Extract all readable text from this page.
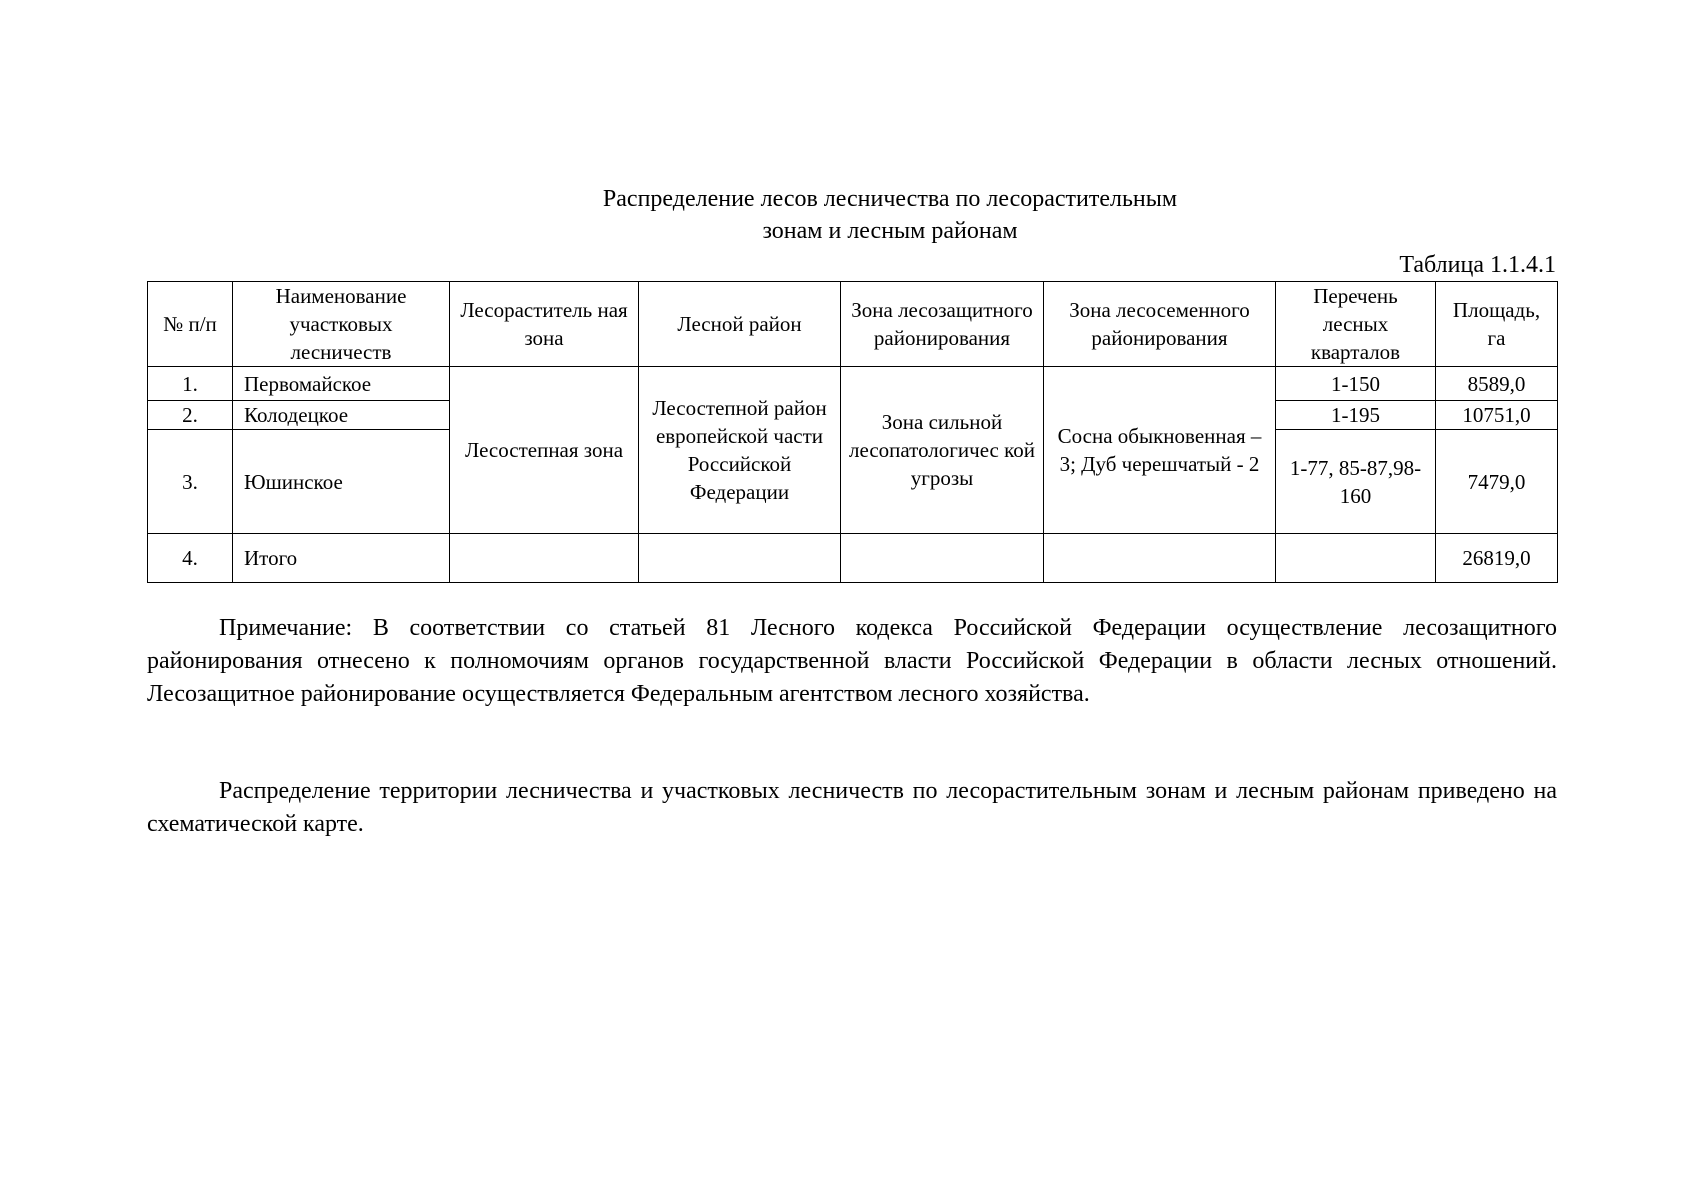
Распределение лесов лесничества по лесорастительным
зонам и лесным районам
Таблица 1.1.4.1
№ п/п	Наименование участковых лесничеств	Лесораститель ная зона	Лесной район	Зона лесозащитного районирования	Зона лесосеменного районирования	Перечень лесных кварталов	Площадь, га
1.	Первомайское	Лесостепная зона	Лесостепной район европейской части Российской Федерации	Зона сильной лесопатологичес кой угрозы	Сосна обыкновенная – 3; Дуб черешчатый - 2	1-150	8589,0
2.	Колодецкое					1-195	10751,0
3.	Юшинское					1-77, 85-87,98-160	7479,0
4.	Итого						26819,0

Примечание: В соответствии со статьей 81 Лесного кодекса Российской Федерации осуществление лесозащитного районирования отнесено к полномочиям органов государственной власти Российской Федерации в области лесных отношений. Лесозащитное районирование осуществляется Федеральным агентством лесного хозяйства.

Распределение территории лесничества и участковых лесничеств по лесорастительным зонам и лесным районам приведено на схематической карте.
